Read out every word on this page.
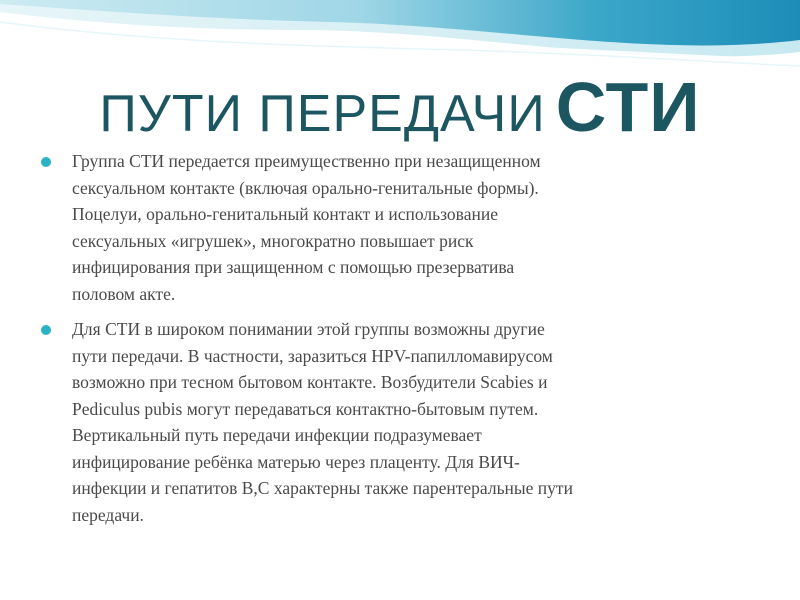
ПУТИ ПЕРЕДАЧИ СТИ
Группа СТИ передается преимущественно при незащищенном
сексуальном контакте (включая орально-генитальные формы).
Поцелуи, орально-генитальный контакт и использование
сексуальных «игрушек», многократно повышает риск
инфицирования при защищенном с помощью презерватива
половом акте.
Для СТИ в широком понимании этой группы возможны другие
пути передачи. В частности, заразиться HPV-папилломавирусом
возможно при тесном бытовом контакте. Возбудители Scabies и
Pediculus pubis могут передаваться контактно-бытовым путем.
Вертикальный путь передачи инфекции подразумевает
инфицирование ребёнка матерью через плаценту. Для ВИЧ-
инфекции и гепатитов В,С характерны также парентеральные пути
передачи.
